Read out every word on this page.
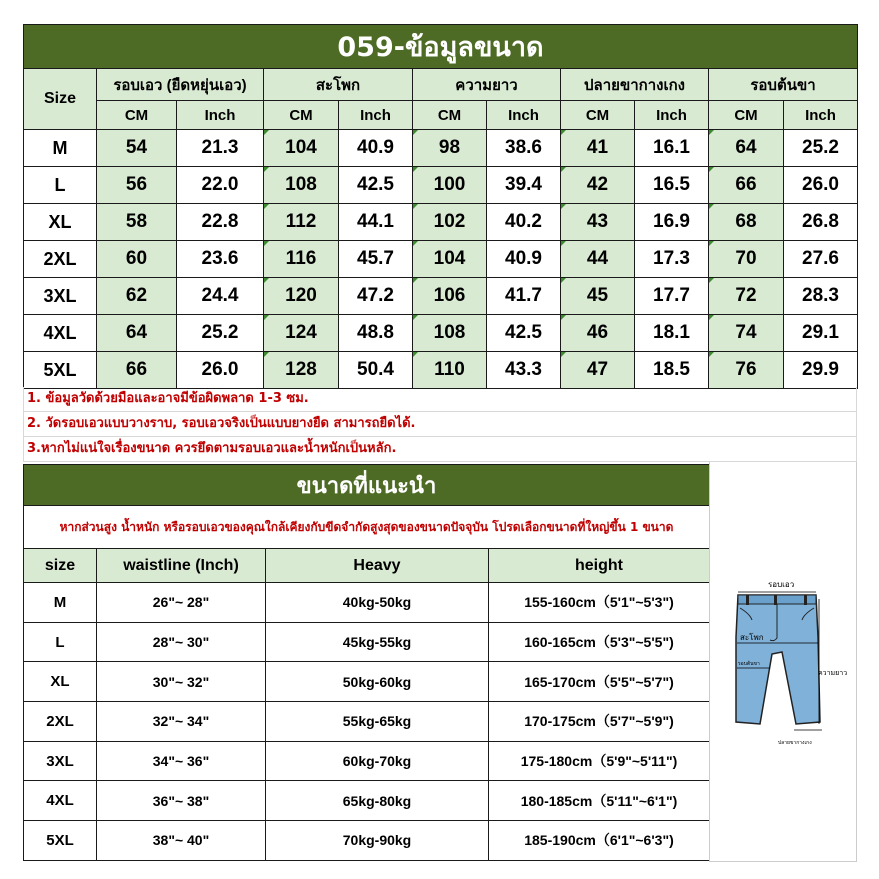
059-ข้อมูลขนาด										
Size	รอบเอว (ยืดหยุ่นเอว)		สะโพก		ความยาว		ปลายขากางเกง		รอบต้นขา	
	CM	Inch	CM	Inch	CM	Inch	CM	Inch	CM	Inch
M	54	21.3	104	40.9	98	38.6	41	16.1	64	25.2
L	56	22.0	108	42.5	100	39.4	42	16.5	66	26.0
XL	58	22.8	112	44.1	102	40.2	43	16.9	68	26.8
2XL	60	23.6	116	45.7	104	40.9	44	17.3	70	27.6
3XL	62	24.4	120	47.2	106	41.7	45	17.7	72	28.3
4XL	64	25.2	124	48.8	108	42.5	46	18.1	74	29.1
5XL	66	26.0	128	50.4	110	43.3	47	18.5	76	29.9
1. ข้อมูลวัดด้วยมือและอาจมีข้อผิดพลาด 1-3 ซม.
2. วัดรอบเอวแบบวางราบ, รอบเอวจริงเป็นแบบยางยืด สามารถยืดได้.
3.หากไม่แน่ใจเรื่องขนาด ควรยึดตามรอบเอวและน้ำหนักเป็นหลัก.
ขนาดที่แนะนำ			
หากส่วนสูง น้ำหนัก หรือรอบเอวของคุณใกล้เคียงกับขีดจำกัดสูงสุดของขนาดปัจจุบัน โปรดเลือกขนาดที่ใหญ่ขึ้น 1 ขนาด			
size	waistline (Inch)	Heavy	height
M	26"~ 28"	40kg-50kg	155-160cm（5'1"~5'3")
L	28"~ 30"	45kg-55kg	160-165cm（5'3"~5'5")
XL	30"~ 32"	50kg-60kg	165-170cm（5'5"~5'7")
2XL	32"~ 34"	55kg-65kg	170-175cm（5'7"~5'9")
3XL	34"~ 36"	60kg-70kg	175-180cm（5'9"~5'11")
4XL	36"~ 38"	65kg-80kg	180-185cm（5'11"~6'1")
5XL	38"~ 40"	70kg-90kg	185-190cm（6'1"~6'3")
รอบเอว
สะโพก
รอบต้นขา
ความยาว
ปลายขากางเกง
